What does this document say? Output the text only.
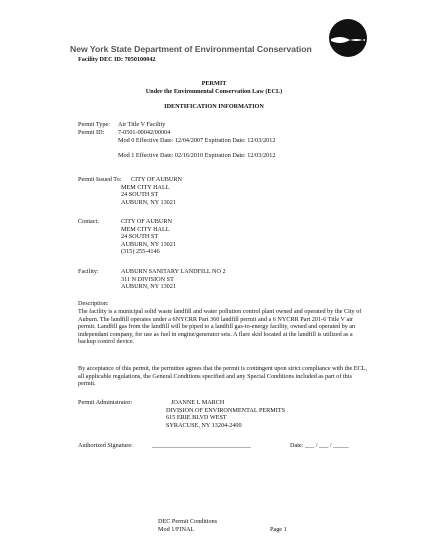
New York State Department of Environmental Conservation
Facility DEC ID: 7050100042
PERMIT
Under the Environmental Conservation Law (ECL)
IDENTIFICATION INFORMATION
Permit Type: Air Title V Facility
Permit ID: 7-0501-00042/00004
Mod 0 Effective Date: 12/04/2007 Expiration Date: 12/03/2012
Mod 1 Effective Date: 02/16/2010 Expiration Date: 12/03/2012
Permit Issued To: CITY OF AUBURN
MEM CITY HALL
24 SOUTH ST
AUBURN, NY 13021
Contact:	CITY OF AUBURN
MEM CITY HALL
24 SOUTH ST
AUBURN, NY 13021
(315) 255-4146
Facility:	AUBURN SANITARY LANDFILL NO 2
311 N DIVISION ST
AUBURN, NY 13021
Description:
The facility is a municipal solid waste landfill and water pollution control plant owned and operated by the City of Auburn. The landfill operates under a 6NYCRR Part 360 landfill permit and a 6 NYCRR Part 201-6 Title V air permit. Landfill gas from the landfill will be piped to a landfill gas-to-energy facility, owned and operated by an independant company, for use as fuel in engine/generator sets. A flare skid located at the landfill is utilized as a backup control device.
By acceptance of this permit, the permittee agrees that the permit is contingent upon strict compliance with the ECL, all applicable regulations, the General Conditions specified and any Special Conditions included as part of this permit.
Permit Administrator:	JOANNE L MARCH
DIVISION OF ENVIRONMENTAL PERMITS
615 ERIE BLVD WEST
SYRACUSE, NY 13204-2400
Authorized Signature:	________________________________	Date: ___ / ___ / _____
DEC Permit Conditions
Mod 1/FINAL	Page 1
